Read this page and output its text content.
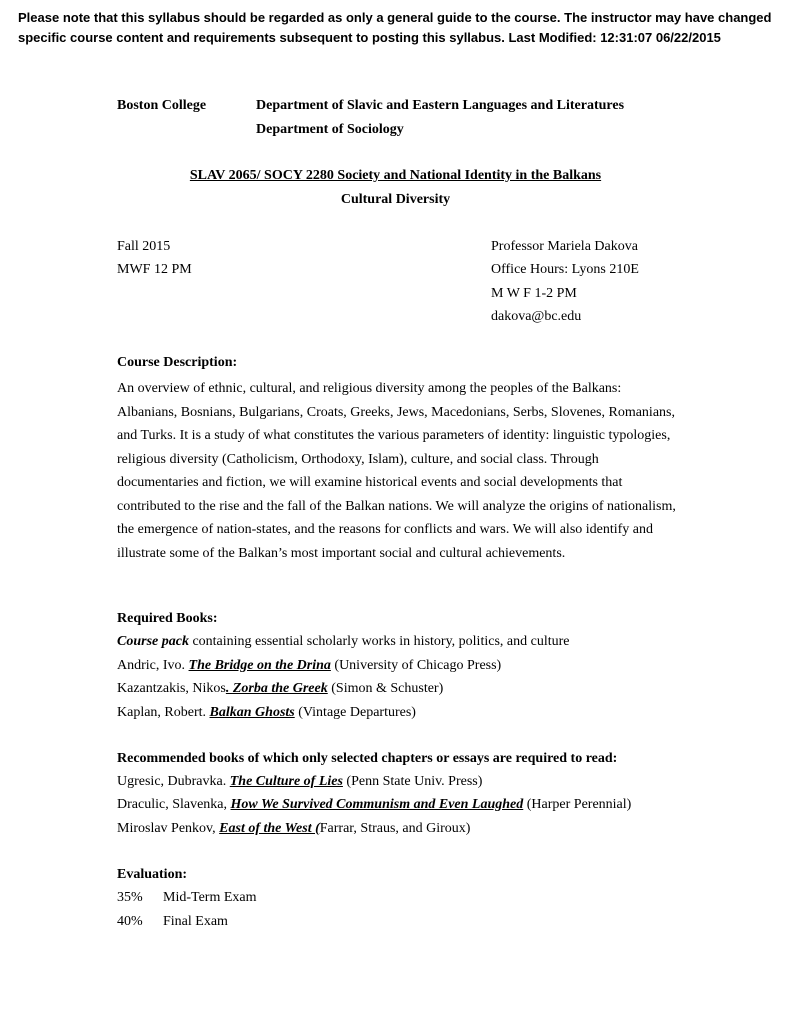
Please note that this syllabus should be regarded as only a general guide to the course. The instructor may have changed specific course content and requirements subsequent to posting this syllabus. Last Modified: 12:31:07 06/22/2015
Boston College	Department of Slavic and Eastern Languages and Literatures
Department of Sociology
SLAV 2065/ SOCY 2280 Society and National Identity in the Balkans
Cultural Diversity
Fall 2015
MWF 12 PM
Professor Mariela Dakova
Office Hours: Lyons 210E
M W F 1-2 PM
dakova@bc.edu
Course Description:
An overview of ethnic, cultural, and religious diversity among the peoples of the Balkans: Albanians, Bosnians, Bulgarians, Croats, Greeks, Jews, Macedonians, Serbs, Slovenes, Romanians, and Turks. It is a study of what constitutes the various parameters of identity: linguistic typologies, religious diversity (Catholicism, Orthodoxy, Islam), culture, and social class. Through documentaries and fiction, we will examine historical events and social developments that contributed to the rise and the fall of the Balkan nations. We will analyze the origins of nationalism, the emergence of nation-states, and the reasons for conflicts and wars. We will also identify and illustrate some of the Balkan’s most important social and cultural achievements.
Required Books:
Course pack containing essential scholarly works in history, politics, and culture
Andric, Ivo. The Bridge on the Drina (University of Chicago Press)
Kazantzakis, Nikos. Zorba the Greek (Simon & Schuster)
Kaplan, Robert. Balkan Ghosts (Vintage Departures)
Recommended books of which only selected chapters or essays are required to read:
Ugresic, Dubravka. The Culture of Lies (Penn State Univ. Press)
Draculic, Slavenka, How We Survived Communism and Even Laughed (Harper Perennial)
Miroslav Penkov, East of the West (Farrar, Straus, and Giroux)
Evaluation:
35% Mid-Term Exam
40% Final Exam
